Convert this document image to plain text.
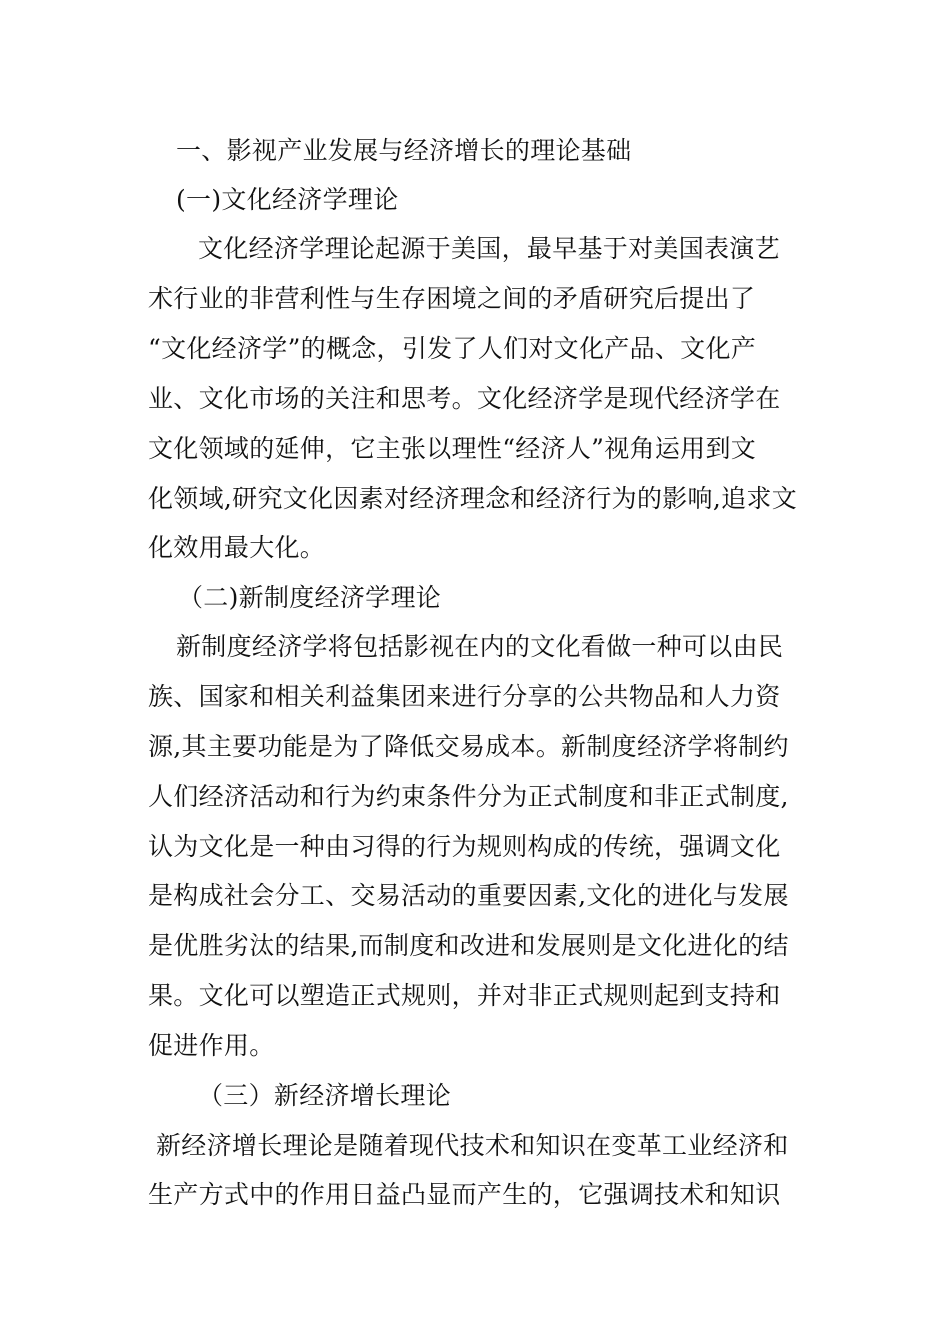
一、影视产业发展与经济增长的理论基础
(一)文化经济学理论
文化经济学理论起源于美国，最早基于对美国表演艺
术行业的非营利性与生存困境之间的矛盾研究后提出了
“文化经济学”的概念，引发了人们对文化产品、文化产
业、文化市场的关注和思考。文化经济学是现代经济学在
文化领域的延伸，它主张以理性“经济人”视角运用到文
化领域,研究文化因素对经济理念和经济行为的影响,追求文
化效用最大化。
（二)新制度经济学理论
新制度经济学将包括影视在内的文化看做一种可以由民
族、国家和相关利益集团来进行分享的公共物品和人力资
源,其主要功能是为了降低交易成本。新制度经济学将制约
人们经济活动和行为约束条件分为正式制度和非正式制度,
认为文化是一种由习得的行为规则构成的传统，强调文化
是构成社会分工、交易活动的重要因素,文化的进化与发展
是优胜劣汰的结果,而制度和改进和发展则是文化进化的结
果。文化可以塑造正式规则，并对非正式规则起到支持和
促进作用。
（三）新经济增长理论
新经济增长理论是随着现代技术和知识在变革工业经济和
生产方式中的作用日益凸显而产生的，它强调技术和知识
